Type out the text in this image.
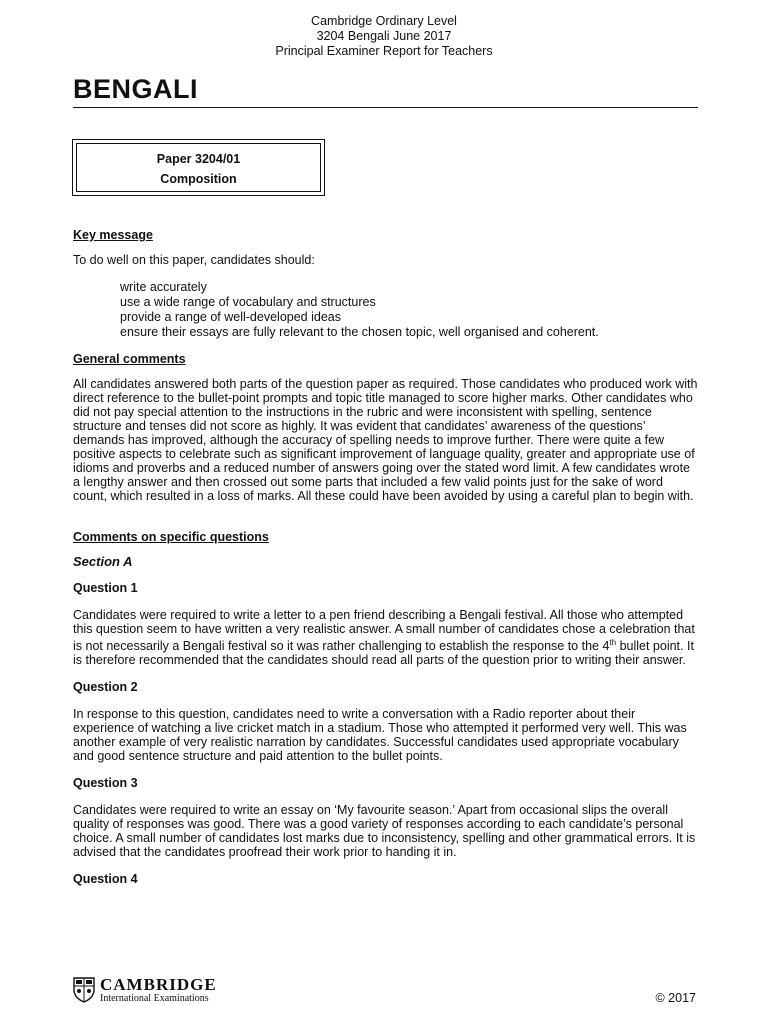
Cambridge Ordinary Level
3204 Bengali June 2017
Principal Examiner Report for Teachers
BENGALI
Paper 3204/01
Composition
Key message

To do well on this paper, candidates should:

write accurately
use a wide range of vocabulary and structures
provide a range of well-developed ideas
ensure their essays are fully relevant to the chosen topic, well organised and coherent.
General comments

All candidates answered both parts of the question paper as required. Those candidates who produced work with direct reference to the bullet-point prompts and topic title managed to score higher marks. Other candidates who did not pay special attention to the instructions in the rubric and were inconsistent with spelling, sentence structure and tenses did not score as highly. It was evident that candidates’ awareness of the questions’ demands has improved, although the accuracy of spelling needs to improve further. There were quite a few positive aspects to celebrate such as significant improvement of language quality, greater and appropriate use of idioms and proverbs and a reduced number of answers going over the stated word limit. A few candidates wrote a lengthy answer and then crossed out some parts that included a few valid points just for the sake of word count, which resulted in a loss of marks. All these could have been avoided by using a careful plan to begin with.

Comments on specific questions
Section A
Question 1

Candidates were required to write a letter to a pen friend describing a Bengali festival. All those who attempted this question seem to have written a very realistic answer. A small number of candidates chose a celebration that is not necessarily a Bengali festival so it was rather challenging to establish the response to the 4th bullet point. It is therefore recommended that the candidates should read all parts of the question prior to writing their answer.

Question 2

In response to this question, candidates need to write a conversation with a Radio reporter about their experience of watching a live cricket match in a stadium. Those who attempted it performed very well. This was another example of very realistic narration by candidates. Successful candidates used appropriate vocabulary and good sentence structure and paid attention to the bullet points.

Question 3

Candidates were required to write an essay on ‘My favourite season.’ Apart from occasional slips the overall quality of responses was good. There was a good variety of responses according to each candidate’s personal choice. A small number of candidates lost marks due to inconsistency, spelling and other grammatical errors. It is advised that the candidates proofread their work prior to handing it in.

Question 4
CAMBRIDGE
International Examinations	© 2017
